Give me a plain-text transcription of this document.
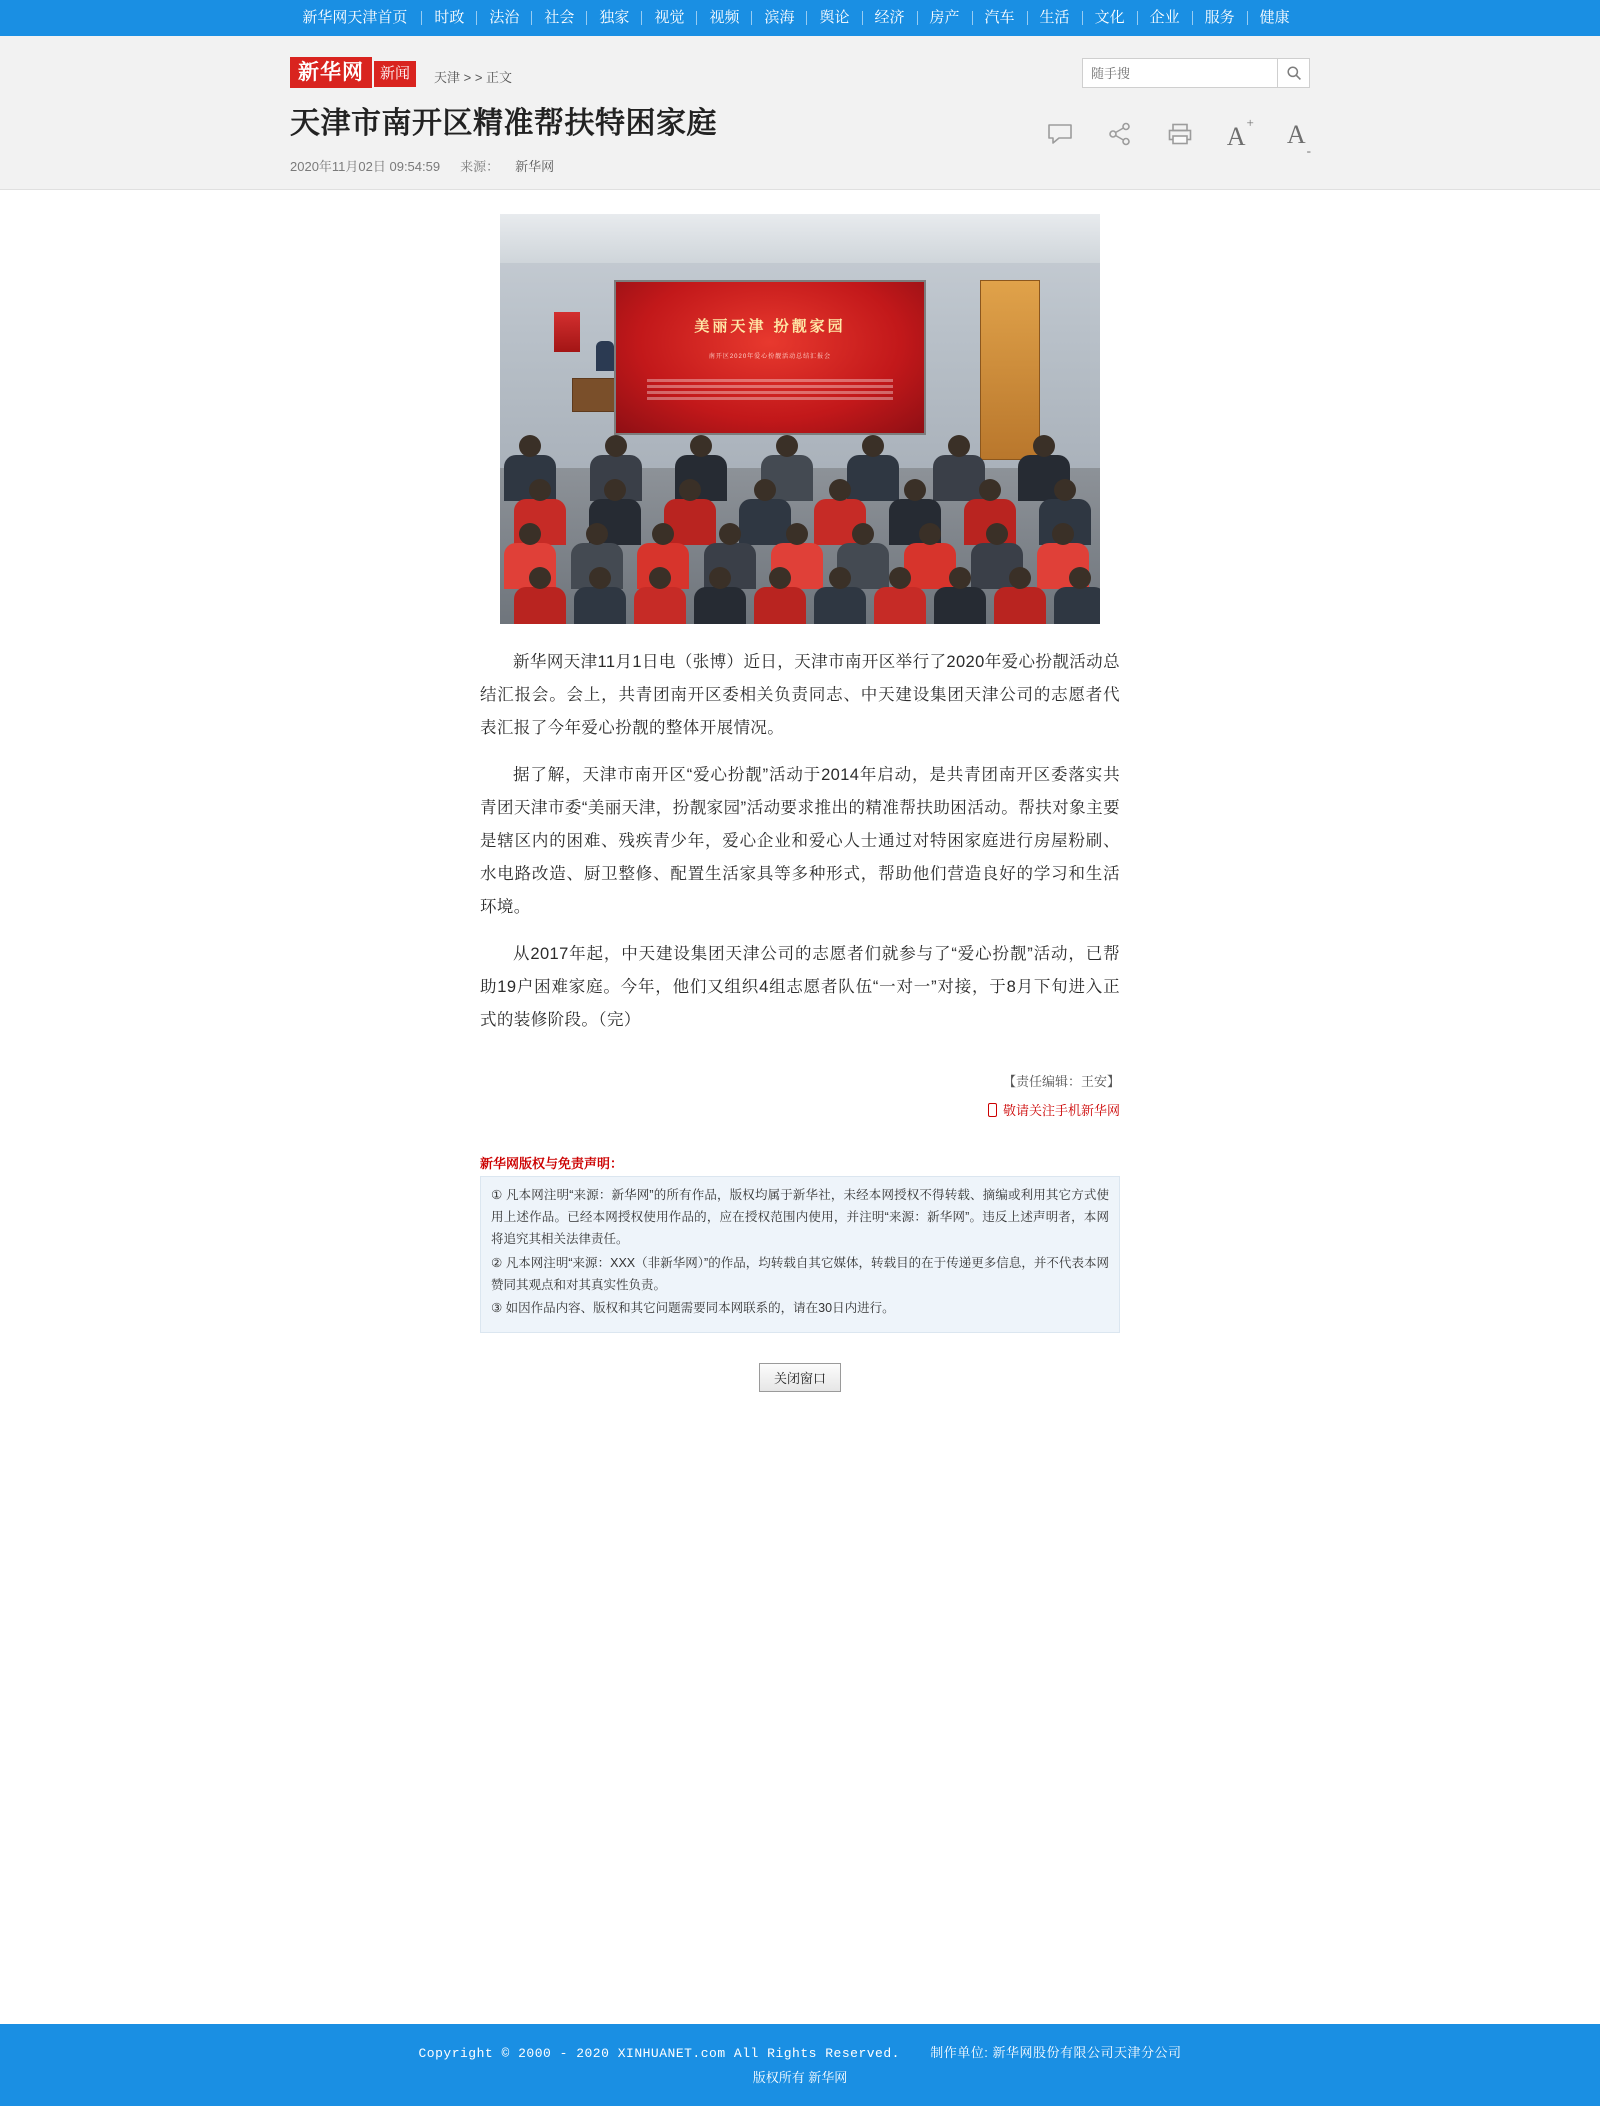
新华网天津首页	时政	法治	社会	独家	视觉	视频	滨海	舆论	经济	房产	汽车	生活	文化	企业	服务	健康
新华网	新闻	天津 > > 正文
天津市南开区精准帮扶特困家庭
2020年11月02日 09:54:59 来源： 新华网
随手搜
A+ $A_-$
美丽天津 扮靓家园
南开区2020年爱心扮靓活动总结汇报会

新华网天津11月1日电（张博）近日，天津市南开区举行了2020年爱心扮靓活动总结汇报会。会上，共青团南开区委相关负责同志、中天建设集团天津公司的志愿者代表汇报了今年爱心扮靓的整体开展情况。

据了解，天津市南开区“爱心扮靓”活动于2014年启动，是共青团南开区委落实共青团天津市委“美丽天津，扮靓家园”活动要求推出的精准帮扶助困活动。帮扶对象主要是辖区内的困难、残疾青少年，爱心企业和爱心人士通过对特困家庭进行房屋粉刷、水电路改造、厨卫整修、配置生活家具等多种形式，帮助他们营造良好的学习和生活环境。

从2017年起，中天建设集团天津公司的志愿者们就参与了“爱心扮靓”活动，已帮助19户困难家庭。今年，他们又组织4组志愿者队伍“一对一”对接，于8月下旬进入正式的装修阶段。（完）

【责任编辑：王安】
敬请关注手机新华网
新华网版权与免责声明：

① 凡本网注明“来源：新华网”的所有作品，版权均属于新华社，未经本网授权不得转载、摘编或利用其它方式使用上述作品。已经本网授权使用作品的，应在授权范围内使用，并注明“来源：新华网”。违反上述声明者，本网将追究其相关法律责任。

② 凡本网注明“来源：XXX（非新华网）”的作品，均转载自其它媒体，转载目的在于传递更多信息，并不代表本网赞同其观点和对其真实性负责。

③ 如因作品内容、版权和其它问题需要同本网联系的，请在30日内进行。

关闭窗口
Copyright © 2000 - 2020 XINHUANET.com All Rights Reserved. 制作单位: 新华网股份有限公司天津分公司
版权所有 新华网
